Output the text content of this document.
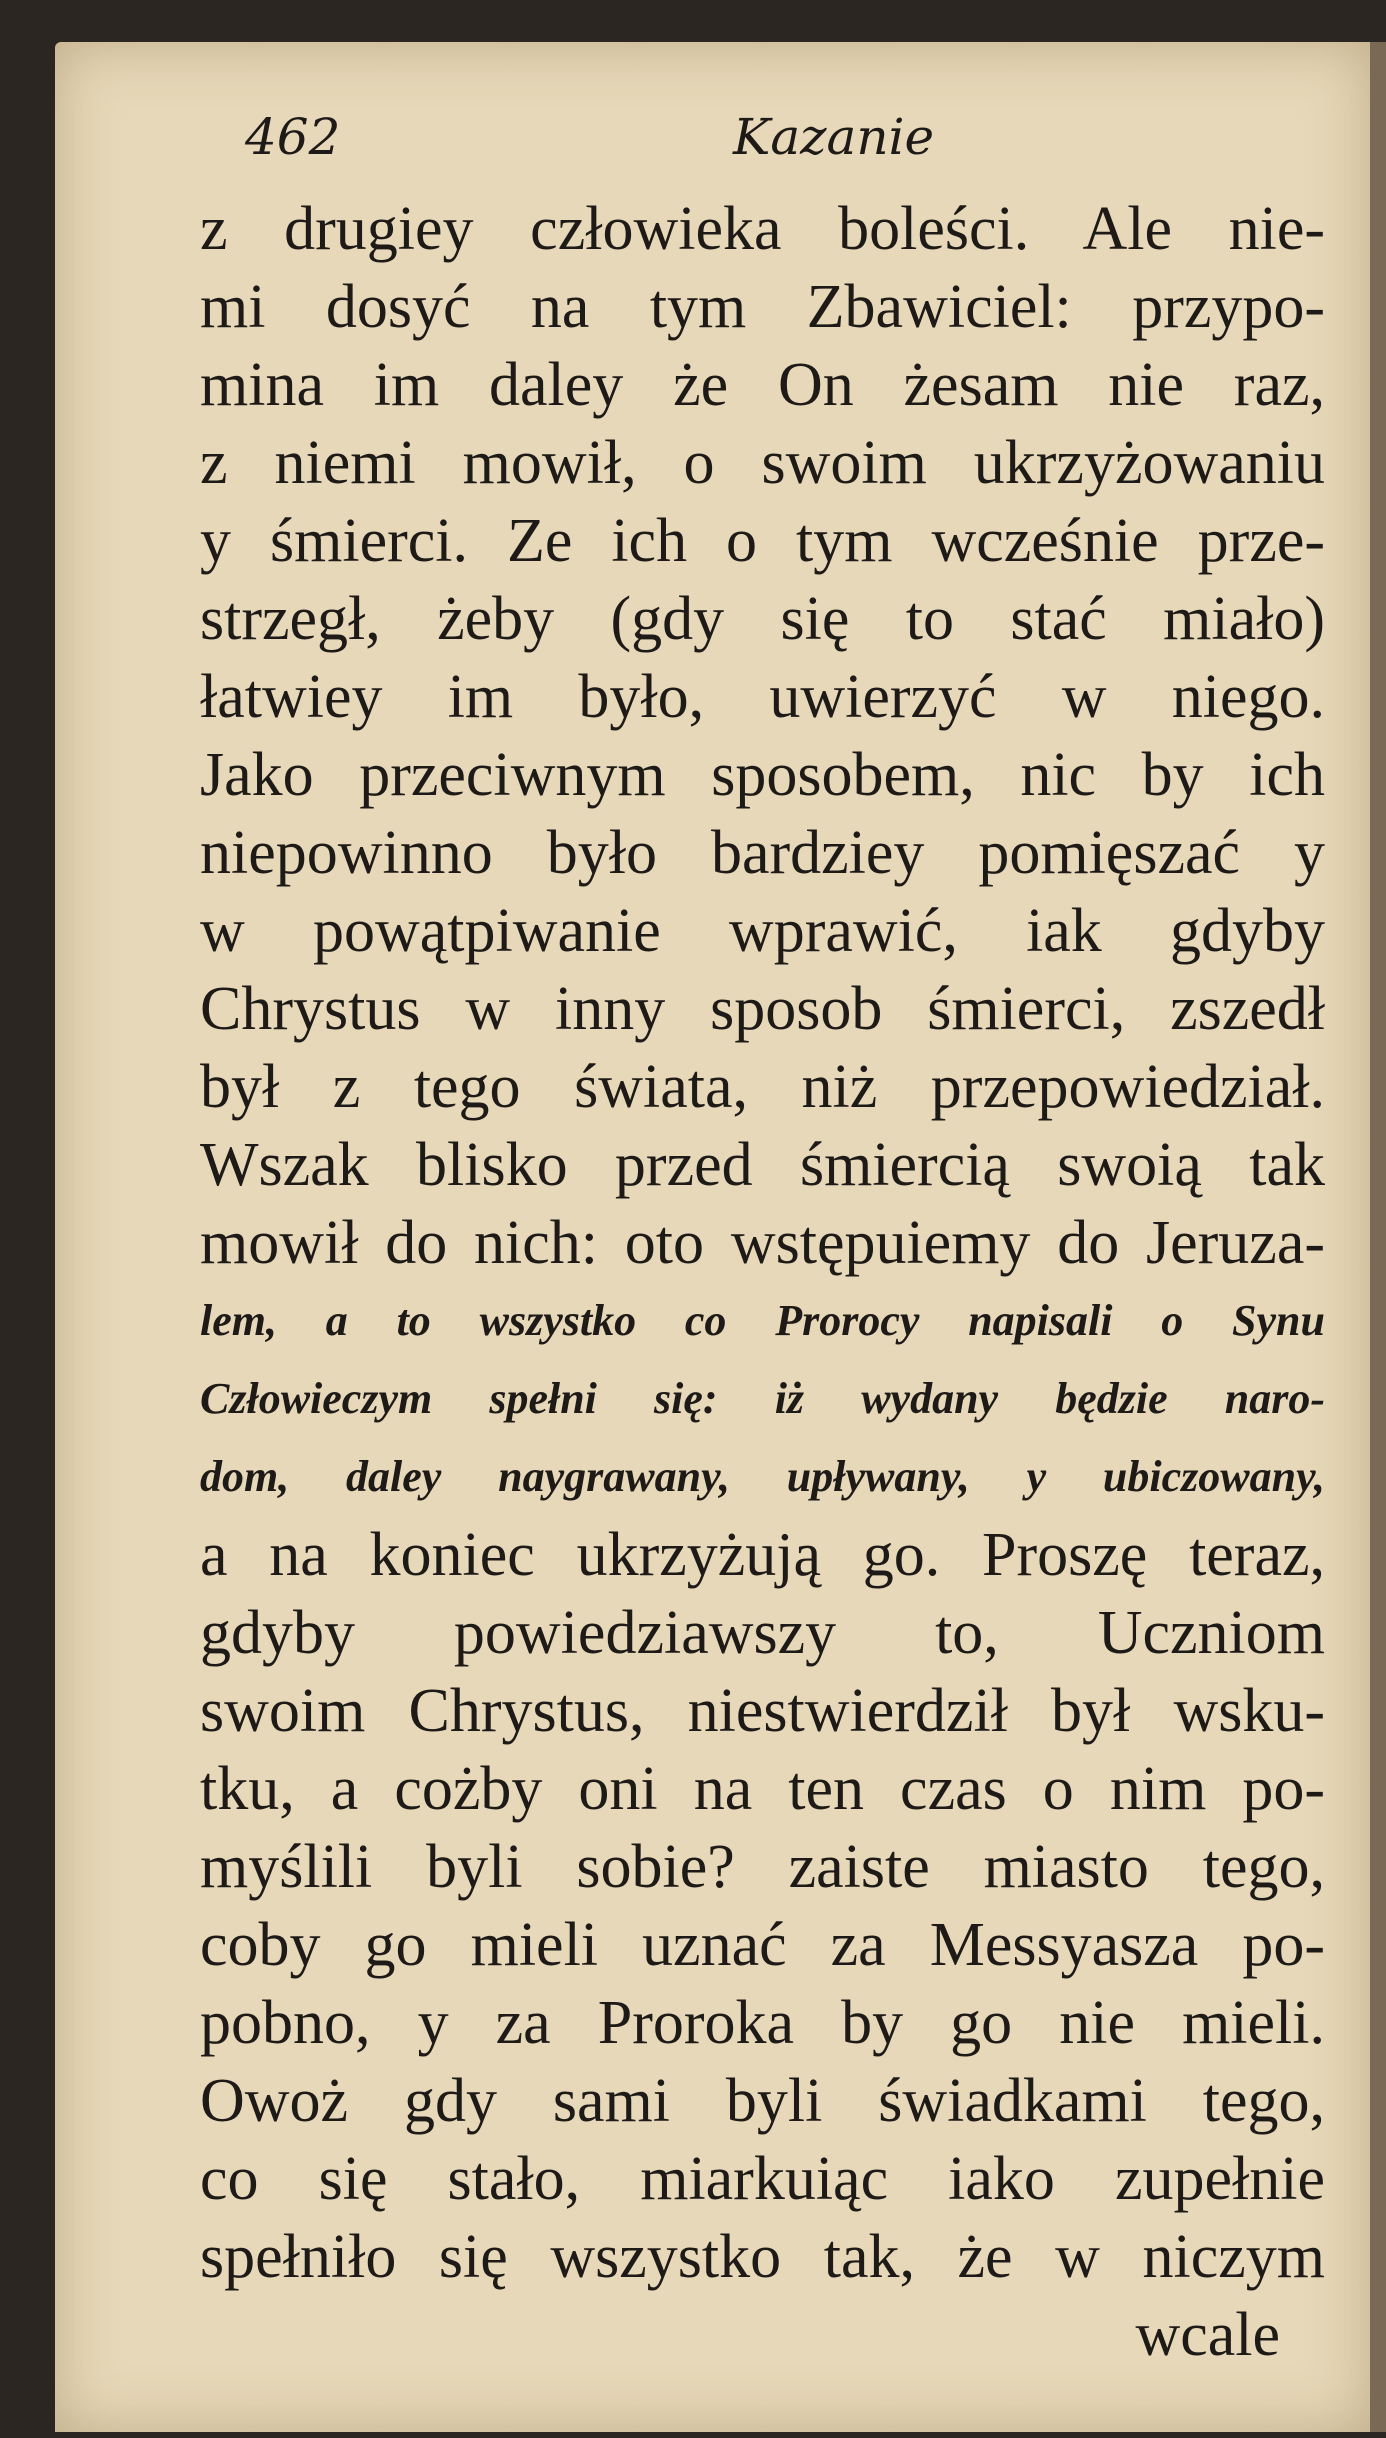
462	Kazanie
z drugiey człowieka boleści. Ale nie-
mi dosyć na tym Zbawiciel: przypo-
mina im daley że On żesam nie raz,
z niemi mowił, o swoim ukrzyżowaniu
y śmierci. Ze ich o tym wcześnie prze-
strzegł, żeby (gdy się to stać miało)
łatwiey im było, uwierzyć w niego.
Jako przeciwnym sposobem, nic by ich
niepowinno było bardziey pomięszać y
w powątpiwanie wprawić, iak gdyby
Chrystus w inny sposob śmierci, zszedł
był z tego świata, niż przepowiedział.
Wszak blisko przed śmiercią swoią tak
mowił do nich: oto wstępuiemy do Jeruza-
lem, a to wszystko co Prorocy napisali o Synu
Człowieczym spełni się: iż wydany będzie naro-
dom, daley naygrawany, upływany, y ubiczowany,
a na koniec ukrzyżują go. Proszę teraz,
gdyby powiedziawszy to, Uczniom
swoim Chrystus, niestwierdził był wsku-
tku, a cożby oni na ten czas o nim po-
myślili byli sobie? zaiste miasto tego,
coby go mieli uznać za Messyasza po-
pobno, y za Proroka by go nie mieli.
Owoż gdy sami byli świadkami tego,
co się stało, miarkuiąc iako zupełnie
spełniło się wszystko tak, że w niczym
wcale
